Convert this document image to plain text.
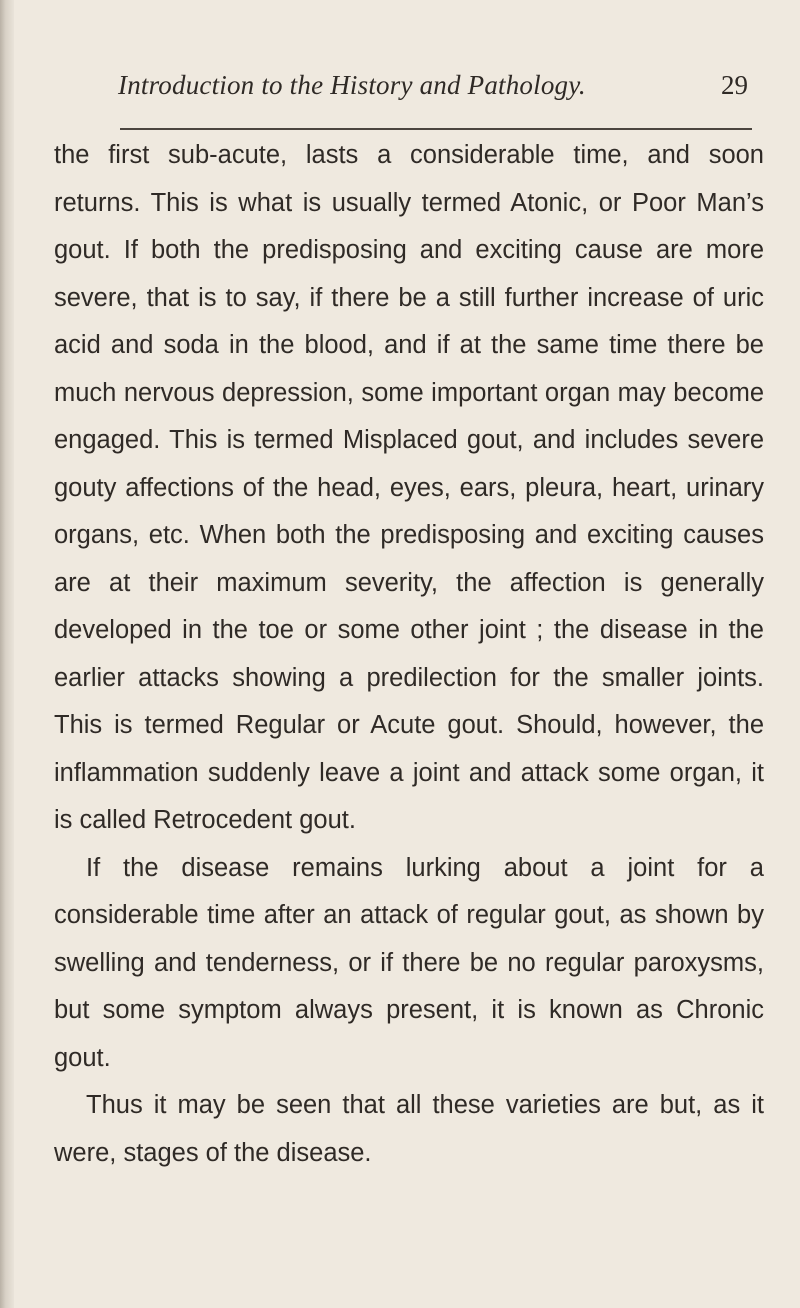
Introduction to the History and Pathology.	29

the first sub-acute, lasts a considerable time, and soon returns. This is what is usually termed Atonic, or Poor Man’s gout. If both the predisposing and exciting cause are more severe, that is to say, if there be a still further increase of uric acid and soda in the blood, and if at the same time there be much nervous depression, some important organ may become engaged. This is termed Misplaced gout, and includes severe gouty affections of the head, eyes, ears, pleura, heart, urinary organs, etc. When both the predisposing and exciting causes are at their maximum severity, the affection is generally developed in the toe or some other joint ; the disease in the earlier attacks showing a predilection for the smaller joints. This is termed Regular or Acute gout. Should, however, the inflammation suddenly leave a joint and attack some organ, it is called Retrocedent gout.

If the disease remains lurking about a joint for a considerable time after an attack of regular gout, as shown by swelling and tenderness, or if there be no regular paroxysms, but some symptom always present, it is known as Chronic gout.

Thus it may be seen that all these varieties are but, as it were, stages of the disease.
